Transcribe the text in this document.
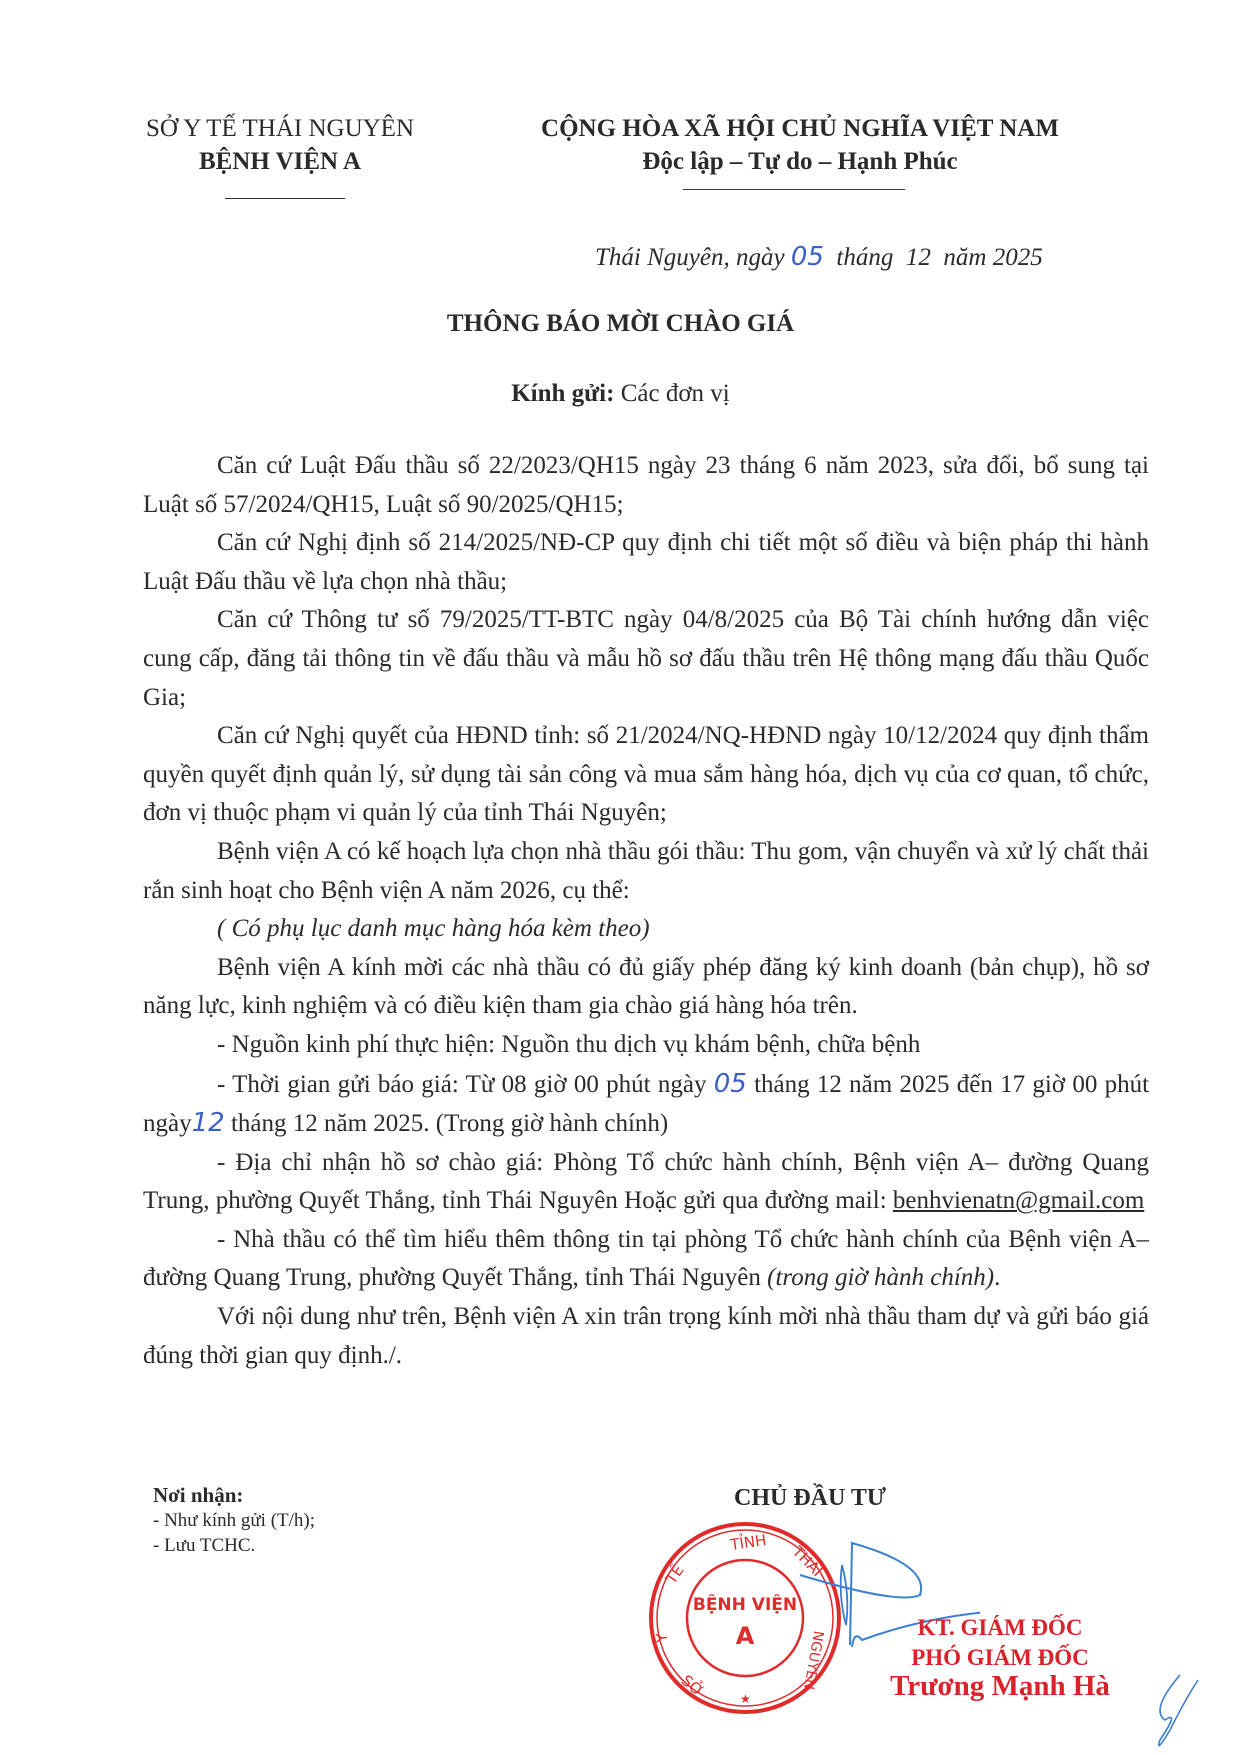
SỞ Y TẾ THÁI NGUYÊN
BỆNH VIỆN A
CỘNG HÒA XÃ HỘI CHỦ NGHĨA VIỆT NAM
Độc lập – Tự do – Hạnh Phúc
Thái Nguyên, ngày 05 tháng 12 năm 2025
THÔNG BÁO MỜI CHÀO GIÁ
Kính gửi: Các đơn vị

Căn cứ Luật Đấu thầu số 22/2023/QH15 ngày 23 tháng 6 năm 2023, sửa đổi, bổ sung tại Luật số 57/2024/QH15, Luật số 90/2025/QH15;

Căn cứ Nghị định số 214/2025/NĐ-CP quy định chi tiết một số điều và biện pháp thi hành Luật Đấu thầu về lựa chọn nhà thầu;

Căn cứ Thông tư số 79/2025/TT-BTC ngày 04/8/2025 của Bộ Tài chính hướng dẫn việc cung cấp, đăng tải thông tin về đấu thầu và mẫu hồ sơ đấu thầu trên Hệ thông mạng đấu thầu Quốc Gia;

Căn cứ Nghị quyết của HĐND tỉnh: số 21/2024/NQ-HĐND ngày 10/12/2024 quy định thẩm quyền quyết định quản lý, sử dụng tài sản công và mua sắm hàng hóa, dịch vụ của cơ quan, tổ chức, đơn vị thuộc phạm vi quản lý của tỉnh Thái Nguyên;

Bệnh viện A có kế hoạch lựa chọn nhà thầu gói thầu: Thu gom, vận chuyển và xử lý chất thải rắn sinh hoạt cho Bệnh viện A năm 2026, cụ thể:

( Có phụ lục danh mục hàng hóa kèm theo)

Bệnh viện A kính mời các nhà thầu có đủ giấy phép đăng ký kinh doanh (bản chụp), hồ sơ năng lực, kinh nghiệm và có điều kiện tham gia chào giá hàng hóa trên.

- Nguồn kinh phí thực hiện: Nguồn thu dịch vụ khám bệnh, chữa bệnh

- Thời gian gửi báo giá: Từ 08 giờ 00 phút ngày 05 tháng 12 năm 2025 đến 17 giờ 00 phút ngày12 tháng 12 năm 2025. (Trong giờ hành chính)

- Địa chỉ nhận hồ sơ chào giá: Phòng Tổ chức hành chính, Bệnh viện A– đường Quang Trung, phường Quyết Thắng, tỉnh Thái Nguyên Hoặc gửi qua đường mail: benhvienatn@gmail.com

- Nhà thầu có thể tìm hiểu thêm thông tin tại phòng Tổ chức hành chính của Bệnh viện A– đường Quang Trung, phường Quyết Thắng, tỉnh Thái Nguyên (trong giờ hành chính).

Với nội dung như trên, Bệnh viện A xin trân trọng kính mời nhà thầu tham dự và gửi báo giá đúng thời gian quy định./.

Nơi nhận:
- Như kính gửi (T/h);
- Lưu TCHC.
CHỦ ĐẦU TƯ
TỈNH
THÁI
NGUYÊN
TẾ
Y
SỞ
BỆNH VIỆN
A
★
KT. GIÁM ĐỐC
PHÓ GIÁM ĐỐC
Trương Mạnh Hà
